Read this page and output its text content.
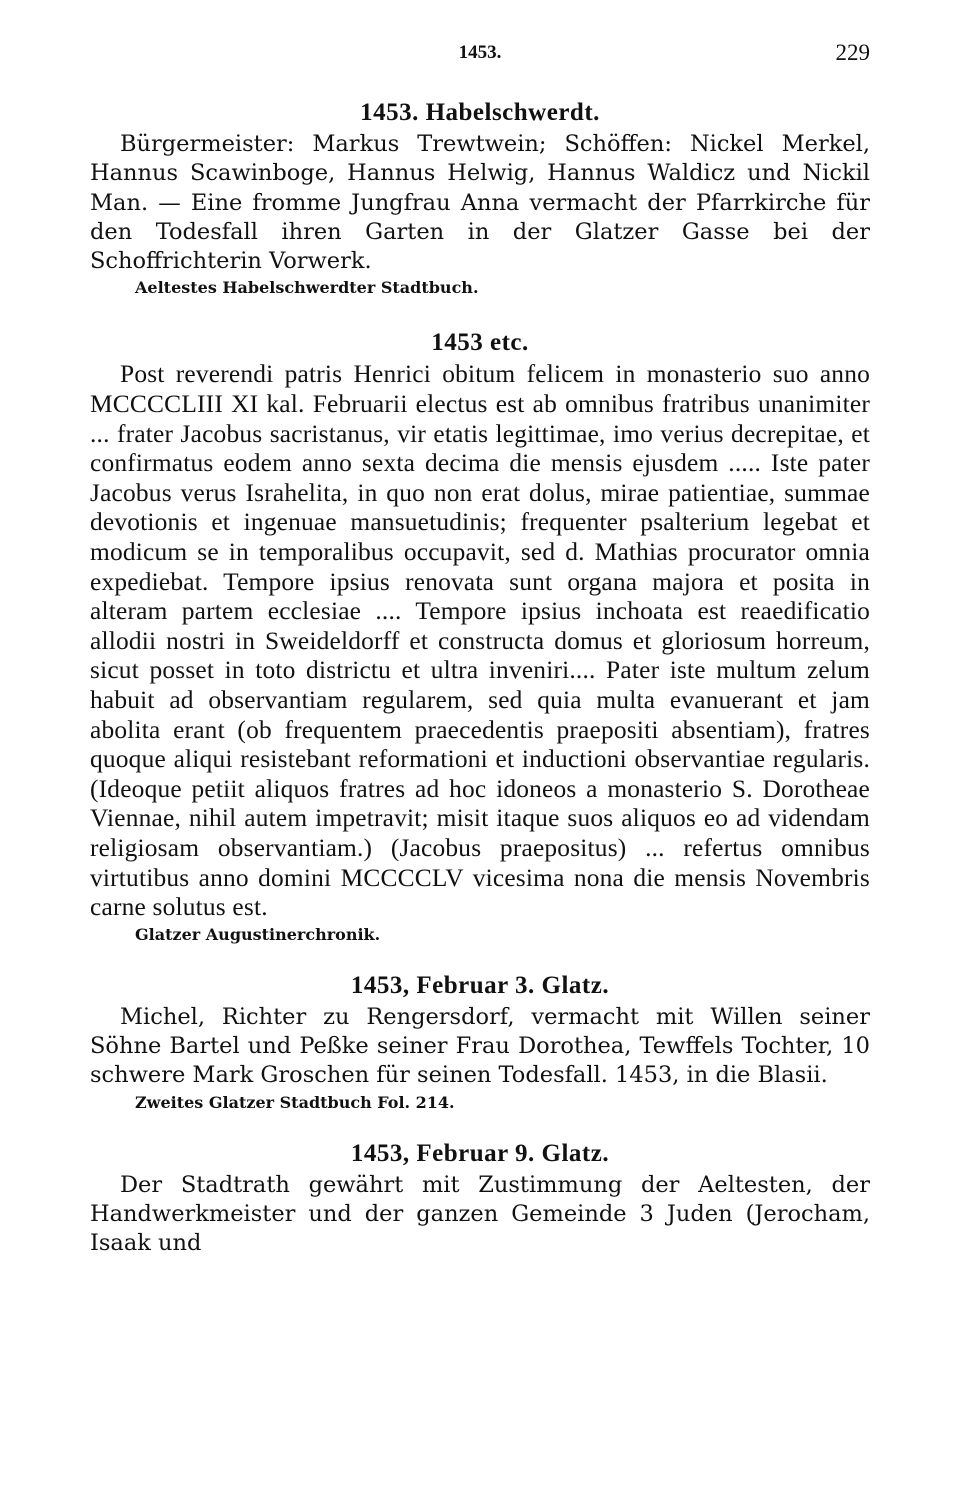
1453.	229
1453. Habelschwerdt.

Bürgermeister: Markus Trewtwein; Schöffen: Nickel Merkel, Hannus Scawinboge, Hannus Helwig, Hannus Waldicz und Nickil Man. — Eine fromme Jungfrau Anna vermacht der Pfarrkirche für den Todesfall ihren Garten in der Glatzer Gasse bei der Schoffrichterin Vorwerk.

Aeltestes Habelschwerdter Stadtbuch.

1453 etc.

Post reverendi patris Henrici obitum felicem in monasterio suo anno MCCCCLIII XI kal. Februarii electus est ab omnibus fratribus unanimiter ... frater Jacobus sacristanus, vir etatis legittimae, imo verius decrepitae, et confirmatus eodem anno sexta decima die mensis ejusdem ..... Iste pater Jacobus verus Israhelita, in quo non erat dolus, mirae patientiae, summae devotionis et ingenuae mansuetudinis; frequenter psalterium legebat et modicum se in temporalibus occupavit, sed d. Mathias procurator omnia expediebat. Tempore ipsius renovata sunt organa majora et posita in alteram partem ecclesiae .... Tempore ipsius inchoata est reaedificatio allodii nostri in Sweideldorff et constructa domus et gloriosum horreum, sicut posset in toto districtu et ultra inveniri.... Pater iste multum zelum habuit ad observantiam regularem, sed quia multa evanuerant et jam abolita erant (ob frequentem praecedentis praepositi absentiam), fratres quoque aliqui resistebant reformationi et inductioni observantiae regularis. (Ideoque petiit aliquos fratres ad hoc idoneos a monasterio S. Dorotheae Viennae, nihil autem impetravit; misit itaque suos aliquos eo ad videndam religiosam observantiam.) (Jacobus praepositus) ... refertus omnibus virtutibus anno domini MCCCCLV vicesima nona die mensis Novembris carne solutus est.

Glatzer Augustinerchronik.

1453, Februar 3. Glatz.

Michel, Richter zu Rengersdorf, vermacht mit Willen seiner Söhne Bartel und Peßke seiner Frau Dorothea, Tewffels Tochter, 10 schwere Mark Groschen für seinen Todesfall. 1453, in die Blasii.

Zweites Glatzer Stadtbuch Fol. 214.

1453, Februar 9. Glatz.

Der Stadtrath gewährt mit Zustimmung der Aeltesten, der Handwerkmeister und der ganzen Gemeinde 3 Juden (Jerocham, Isaak und
